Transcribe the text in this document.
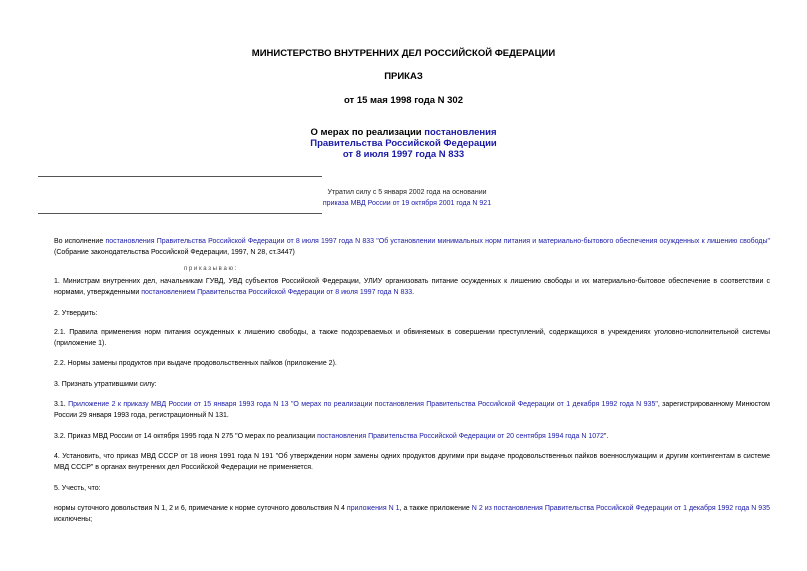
МИНИСТЕРСТВО ВНУТРЕННИХ ДЕЛ РОССИЙСКОЙ ФЕДЕРАЦИИ
ПРИКАЗ
от 15 мая 1998 года N 302
О мерах по реализации постановления
Правительства Российской Федерации
от 8 июля 1997 года N 833
Утратил силу с 5 января 2002 года на основании
приказа МВД России от 19 октября 2001 года N 921
Во исполнение постановления Правительства Российской Федерации от 8 июля 1997 года N 833 "Об установлении минимальных норм питания и материально-бытового обеспечения осужденных к лишению свободы" (Собрание законодательства Российской Федерации, 1997, N 28, ст.3447)
п р и к а з ы в а ю :
1. Министрам внутренних дел, начальникам ГУВД, УВД субъектов Российской Федерации, УЛИУ организовать питание осужденных к лишению свободы и их материально-бытовое обеспечение в соответствии с нормами, утвержденными постановлением Правительства Российской Федерации от 8 июля 1997 года N 833.
2. Утвердить:
2.1. Правила применения норм питания осужденных к лишению свободы, а также подозреваемых и обвиняемых в совершении преступлений, содержащихся в учреждениях уголовно-исполнительной системы (приложение 1).
2.2. Нормы замены продуктов при выдаче продовольственных пайков (приложение 2).
3. Признать утратившими силу:
3.1. Приложение 2 к приказу МВД России от 15 января 1993 года N 13 "О мерах по реализации постановления Правительства Российской Федерации от 1 декабря 1992 года N 935", зарегистрированному Минюстом России 29 января 1993 года, регистрационный N 131.
3.2. Приказ МВД России от 14 октября 1995 года N 275 "О мерах по реализации постановления Правительства Российской Федерации от 20 сентября 1994 года N 1072".
4. Установить, что приказ МВД СССР от 18 июня 1991 года N 191 "Об утверждении норм замены одних продуктов другими при выдаче продовольственных пайков военнослужащим и другим контингентам в системе МВД СССР" в органах внутренних дел Российской Федерации не применяется.
5. Учесть, что:
нормы суточного довольствия N 1, 2 и 6, примечание к норме суточного довольствия N 4 приложения N 1, а также приложение N 2 из постановления Правительства Российской Федерации от 1 декабря 1992 года N 935 исключены;
